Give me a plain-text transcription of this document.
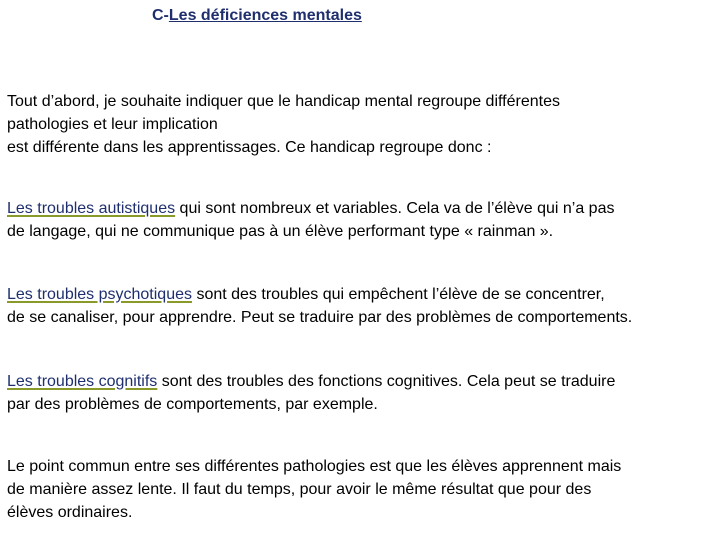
C-Les déficiences mentales

Tout d’abord, je souhaite indiquer que le handicap mental regroupe différentes
pathologies et leur implication
est différente dans les apprentissages. Ce handicap regroupe donc :

Les troubles autistiques qui sont nombreux et variables. Cela va de l’élève qui n’a pas
de langage, qui ne communique pas à un élève performant type « rainman ».

Les troubles psychotiques sont des troubles qui empêchent l’élève de se concentrer,
de se canaliser, pour apprendre. Peut se traduire par des problèmes de comportements.

Les troubles cognitifs sont des troubles des fonctions cognitives. Cela peut se traduire
par des problèmes de comportements, par exemple.

Le point commun entre ses différentes pathologies est que les élèves apprennent mais
de manière assez lente. Il faut du temps, pour avoir le même résultat que pour des
élèves ordinaires.
